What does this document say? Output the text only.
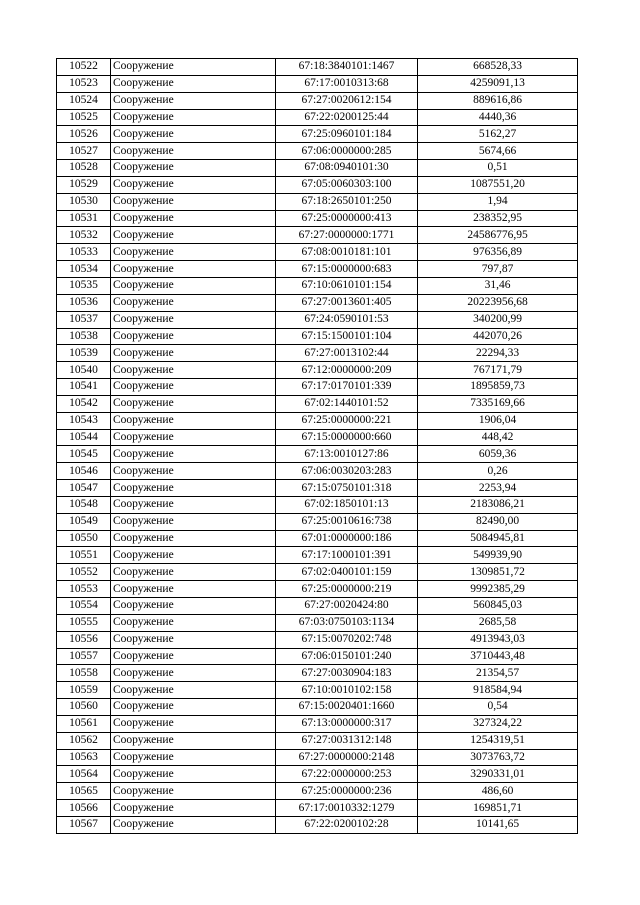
10522	Сооружение	67:18:3840101:1467	668528,33
10523	Сооружение	67:17:0010313:68	4259091,13
10524	Сооружение	67:27:0020612:154	889616,86
10525	Сооружение	67:22:0200125:44	4440,36
10526	Сооружение	67:25:0960101:184	5162,27
10527	Сооружение	67:06:0000000:285	5674,66
10528	Сооружение	67:08:0940101:30	0,51
10529	Сооружение	67:05:0060303:100	1087551,20
10530	Сооружение	67:18:2650101:250	1,94
10531	Сооружение	67:25:0000000:413	238352,95
10532	Сооружение	67:27:0000000:1771	24586776,95
10533	Сооружение	67:08:0010181:101	976356,89
10534	Сооружение	67:15:0000000:683	797,87
10535	Сооружение	67:10:0610101:154	31,46
10536	Сооружение	67:27:0013601:405	20223956,68
10537	Сооружение	67:24:0590101:53	340200,99
10538	Сооружение	67:15:1500101:104	442070,26
10539	Сооружение	67:27:0013102:44	22294,33
10540	Сооружение	67:12:0000000:209	767171,79
10541	Сооружение	67:17:0170101:339	1895859,73
10542	Сооружение	67:02:1440101:52	7335169,66
10543	Сооружение	67:25:0000000:221	1906,04
10544	Сооружение	67:15:0000000:660	448,42
10545	Сооружение	67:13:0010127:86	6059,36
10546	Сооружение	67:06:0030203:283	0,26
10547	Сооружение	67:15:0750101:318	2253,94
10548	Сооружение	67:02:1850101:13	2183086,21
10549	Сооружение	67:25:0010616:738	82490,00
10550	Сооружение	67:01:0000000:186	5084945,81
10551	Сооружение	67:17:1000101:391	549939,90
10552	Сооружение	67:02:0400101:159	1309851,72
10553	Сооружение	67:25:0000000:219	9992385,29
10554	Сооружение	67:27:0020424:80	560845,03
10555	Сооружение	67:03:0750103:1134	2685,58
10556	Сооружение	67:15:0070202:748	4913943,03
10557	Сооружение	67:06:0150101:240	3710443,48
10558	Сооружение	67:27:0030904:183	21354,57
10559	Сооружение	67:10:0010102:158	918584,94
10560	Сооружение	67:15:0020401:1660	0,54
10561	Сооружение	67:13:0000000:317	327324,22
10562	Сооружение	67:27:0031312:148	1254319,51
10563	Сооружение	67:27:0000000:2148	3073763,72
10564	Сооружение	67:22:0000000:253	3290331,01
10565	Сооружение	67:25:0000000:236	486,60
10566	Сооружение	67:17:0010332:1279	169851,71
10567	Сооружение	67:22:0200102:28	10141,65
